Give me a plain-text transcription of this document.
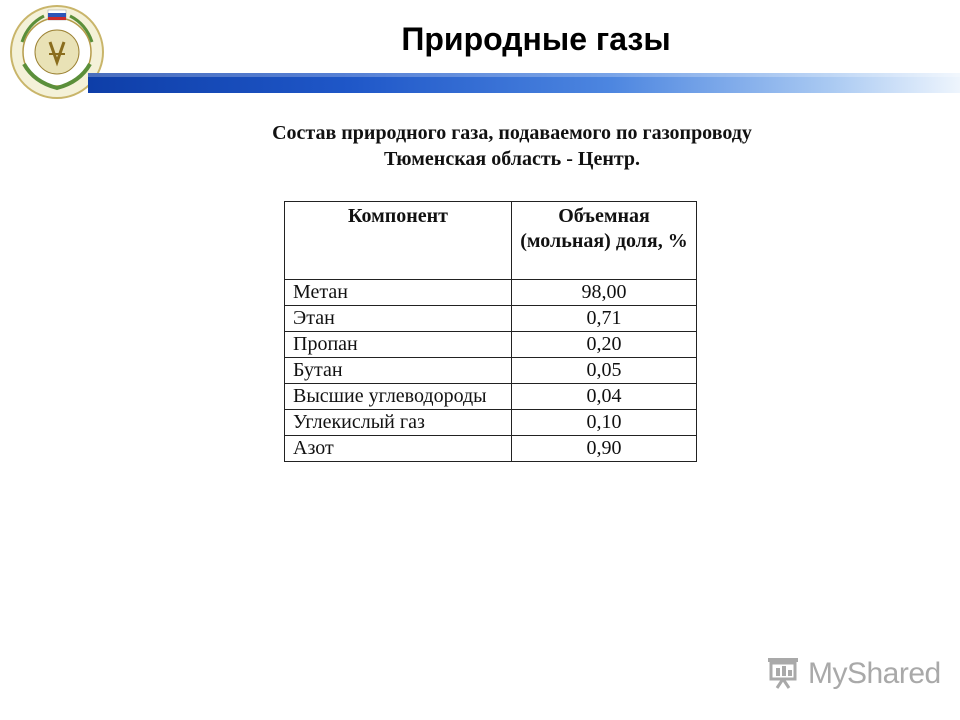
Природные газы
Состав природного газа, подаваемого по газопроводу
Тюменская область - Центр.
Компонент	Объемная (мольная) доля, %
Метан	98,00
Этан	0,71
Пропан	0,20
Бутан	0,05
Высшие углеводороды	0,04
Углекислый газ	0,10
Азот	0,90
MyShared
